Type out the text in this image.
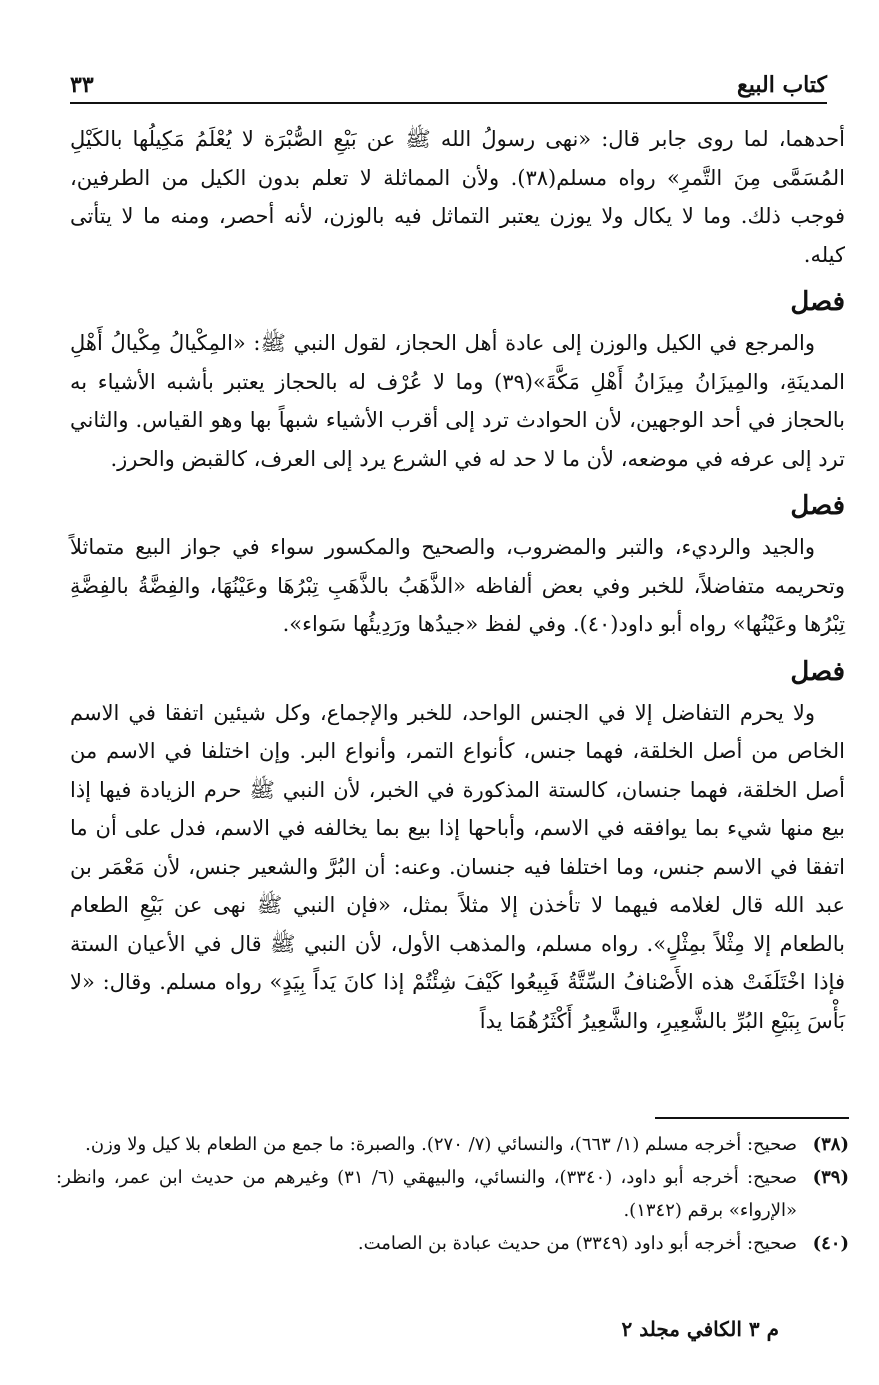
كتاب البيع
٣٣

أحدهما، لما روى جابر قال: «نهى رسولُ الله ﷺ عن بَيْعِ الصُّبْرَة لا يُعْلَمُ مَكِيلُها بالكَيْلِ المُسَمَّى مِنَ التَّمرِ» رواه مسلم(٣٨). ولأن المماثلة لا تعلم بدون الكيل من الطرفين، فوجب ذلك. وما لا يكال ولا يوزن يعتبر التماثل فيه بالوزن، لأنه أحصر، ومنه ما لا يتأتى كيله.

فصل

والمرجع في الكيل والوزن إلى عادة أهل الحجاز، لقول النبي ﷺ: «المِكْيالُ مِكْيالُ أَهْلِ المدينَةِ، والمِيزَانُ مِيزَانُ أَهْلِ مَكَّةَ»(٣٩) وما لا عُرْف له بالحجاز يعتبر بأشبه الأشياء به بالحجاز في أحد الوجهين، لأن الحوادث ترد إلى أقرب الأشياء شبهاً بها وهو القياس. والثاني ترد إلى عرفه في موضعه، لأن ما لا حد له في الشرع يرد إلى العرف، كالقبض والحرز.

فصل

والجيد والرديء، والتبر والمضروب، والصحيح والمكسور سواء في جواز البيع متماثلاً وتحريمه متفاضلاً، للخبر وفي بعض ألفاظه «الذَّهَبُ بالذَّهَبِ تِبْرُهَا وعَيْنُهَا، والفِضَّةُ بالفِضَّةِ تِبْرُها وعَيْنُها» رواه أبو داود(٤٠). وفي لفظ «جيدُها ورَدِيئُها سَواء».

فصل

ولا يحرم التفاضل إلا في الجنس الواحد، للخبر والإجماع، وكل شيئين اتفقا في الاسم الخاص من أصل الخلقة، فهما جنس، كأنواع التمر، وأنواع البر. وإن اختلفا في الاسم من أصل الخلقة، فهما جنسان، كالستة المذكورة في الخبر، لأن النبي ﷺ حرم الزيادة فيها إذا بيع منها شيء بما يوافقه في الاسم، وأباحها إذا بيع بما يخالفه في الاسم، فدل على أن ما اتفقا في الاسم جنس، وما اختلفا فيه جنسان. وعنه: أن البُرَّ والشعير جنس، لأن مَعْمَر بن عبد الله قال لغلامه فيهما لا تأخذن إلا مثلاً بمثل، «فإن النبي ﷺ نهى عن بَيْعِ الطعام بالطعام إلا مِثْلاً بمِثْلٍ». رواه مسلم، والمذهب الأول، لأن النبي ﷺ قال في الأعيان الستة فإذا اخْتَلَفَتْ هذه الأَصْنافُ السِّتَّةُ فَبِيعُوا كَيْفَ شِئْتُمْ إذا كانَ يَداً بِيَدٍ» رواه مسلم. وقال: «لا بَأْسَ بِبَيْعِ البُرِّ بالشَّعِيرِ، والشَّعِيرُ أَكْثَرُهُمَا يداً

(٣٨)
صحيح: أخرجه مسلم (١/ ٦٦٣)، والنسائي (٧/ ٢٧٠). والصبرة: ما جمع من الطعام بلا كيل ولا وزن.
(٣٩)
صحيح: أخرجه أبو داود، (٣٣٤٠)، والنسائي، والبيهقي (٦/ ٣١) وغيرهم من حديث ابن عمر، وانظر: «الإرواء» برقم (١٣٤٢).
(٤٠)
صحيح: أخرجه أبو داود (٣٣٤٩) من حديث عبادة بن الصامت.
م ٣ الكافي مجلد ٢
